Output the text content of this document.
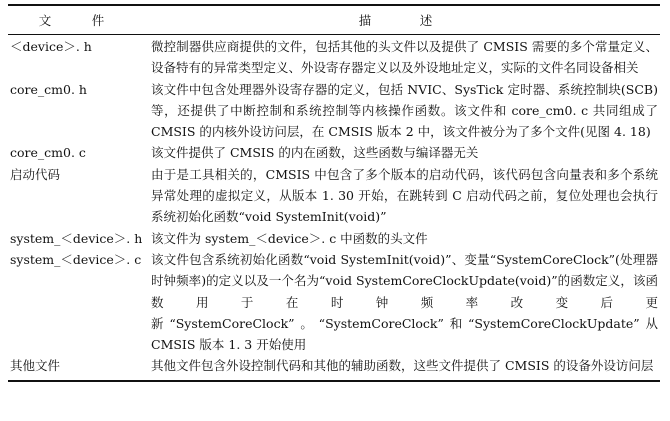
文　件	描　述
＜device＞. h	微控制器供应商提供的文件，包括其他的头文件以及提供了 CMSIS 需要的多个常量定义、设备特有的异常类型定义、外设寄存器定义以及外设地址定义，实际的文件名同设备相关
core_cm0. h	该文件中包含处理器外设寄存器的定义，包括 NVIC、SysTick 定时器、系统控制块(SCB)等，还提供了中断控制和系统控制等内核操作函数。该文件和 core_cm0. c 共同组成了 CMSIS 的内核外设访问层，在 CMSIS 版本 2 中，该文件被分为了多个文件(见图 4. 18)
core_cm0. c	该文件提供了 CMSIS 的内在函数，这些函数与编译器无关
启动代码	由于是工具相关的，CMSIS 中包含了多个版本的启动代码，该代码包含向量表和多个系统异常处理的虚拟定义，从版本 1. 30 开始，在跳转到 C 启动代码之前，复位处理也会执行系统初始化函数“void SystemInit(void)”
system_＜device＞. h	该文件为 system_＜device＞. c 中函数的头文件
system_＜device＞. c	该文件包含系统初始化函数“void SystemInit(void)”、变量“SystemCoreClock”(处理器时钟频率)的定义以及一个名为“void SystemCoreClockUpdate(void)”的函数定义，该函数用于在时钟频率改变后更新“SystemCoreClock”。“SystemCoreClock”和“SystemCoreClockUpdate”从 CMSIS 版本 1. 3 开始使用
其他文件	其他文件包含外设控制代码和其他的辅助函数，这些文件提供了 CMSIS 的设备外设访问层
